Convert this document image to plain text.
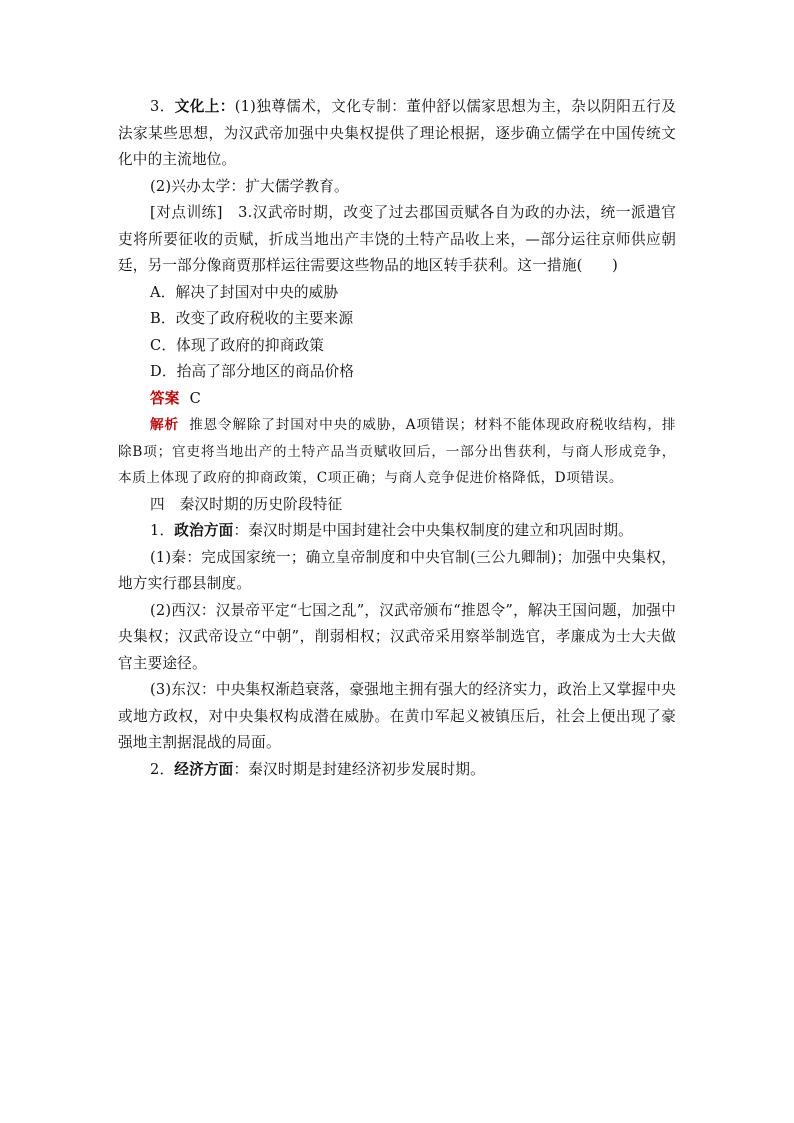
3．文化上：(1)独尊儒术，文化专制：董仲舒以儒家思想为主，杂以阴阳五行及法家某些思想，为汉武帝加强中央集权提供了理论根据，逐步确立儒学在中国传统文化中的主流地位。

(2)兴办太学：扩大儒学教育。

[对点训练]　3.汉武帝时期，改变了过去郡国贡赋各自为政的办法，统一派遣官吏将所要征收的贡赋，折成当地出产丰饶的土特产品收上来，—部分运往京师供应朝廷，另一部分像商贾那样运往需要这些物品的地区转手获利。这一措施(　　)

A．解决了封国对中央的威胁

B．改变了政府税收的主要来源

C．体现了政府的抑商政策

D．抬高了部分地区的商品价格

答案 C

解析 推恩令解除了封国对中央的威胁，A项错误；材料不能体现政府税收结构，排除B项；官吏将当地出产的土特产品当贡赋收回后，一部分出售获利，与商人形成竞争，本质上体现了政府的抑商政策，C项正确；与商人竞争促进价格降低，D项错误。

四　秦汉时期的历史阶段特征

1．政治方面：秦汉时期是中国封建社会中央集权制度的建立和巩固时期。

(1)秦：完成国家统一；确立皇帝制度和中央官制(三公九卿制)；加强中央集权，地方实行郡县制度。

(2)西汉：汉景帝平定“七国之乱”，汉武帝颁布“推恩令”，解决王国问题，加强中央集权；汉武帝设立“中朝”，削弱相权；汉武帝采用察举制选官，孝廉成为士大夫做官主要途径。

(3)东汉：中央集权渐趋衰落，豪强地主拥有强大的经济实力，政治上又掌握中央或地方政权，对中央集权构成潜在威胁。在黄巾军起义被镇压后，社会上便出现了豪强地主割据混战的局面。

2．经济方面：秦汉时期是封建经济初步发展时期。
